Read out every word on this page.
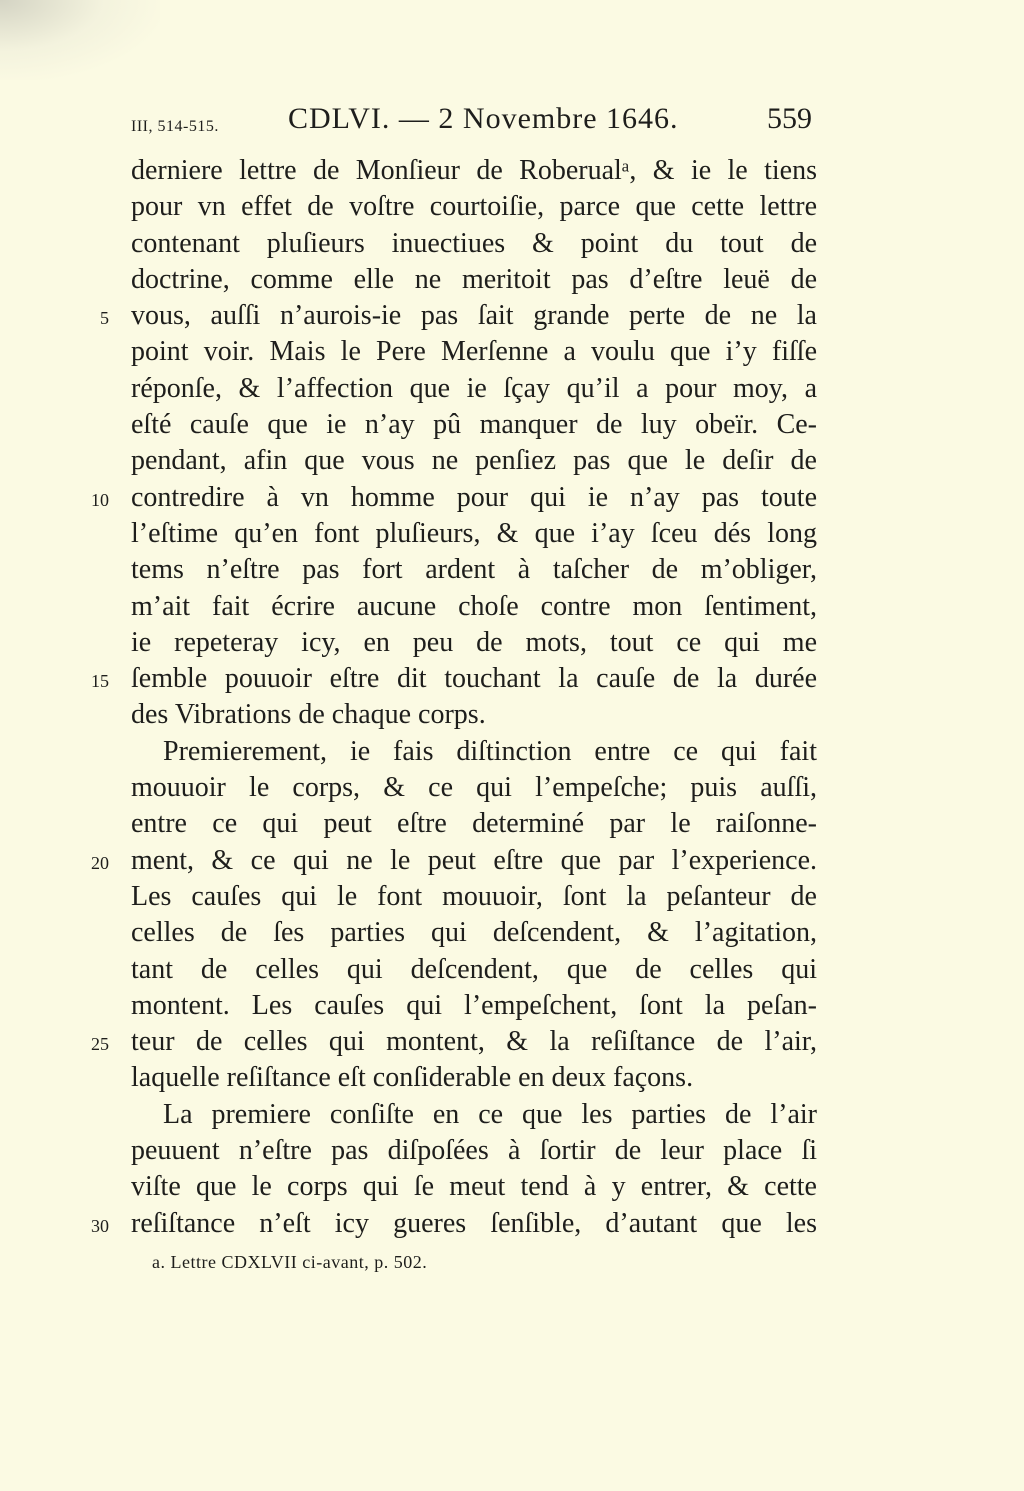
III, 514-515. CDLVI. — 2 Novembre 1646.	559
derniere lettre de Monſieur de Roberualᵃ, & ie le tiens
pour vn effet de voſtre courtoiſie, parce que cette lettre
contenant pluſieurs inuectiues & point du tout de
doctrine, comme elle ne meritoit pas d’eſtre leuë de
5 vous, auſſi n’aurois-ie pas ſait grande perte de ne la
point voir. Mais le Pere Merſenne a voulu que i’y fiſſe
réponſe, & l’affection que ie ſçay qu’il a pour moy, a
eſté cauſe que ie n’ay pû manquer de luy obeïr. Ce-
pendant, afin que vous ne penſiez pas que le deſir de
10 contredire à vn homme pour qui ie n’ay pas toute
l’eſtime qu’en font pluſieurs, & que i’ay ſceu dés long
tems n’eſtre pas fort ardent à taſcher de m’obliger,
m’ait fait écrire aucune choſe contre mon ſentiment,
ie repeteray icy, en peu de mots, tout ce qui me
15 ſemble pouuoir eſtre dit touchant la cauſe de la durée
des Vibrations de chaque corps.
Premierement, ie fais diſtinction entre ce qui fait
mouuoir le corps, & ce qui l’empeſche; puis auſſi,
entre ce qui peut eſtre determiné par le raiſonne-
20 ment, & ce qui ne le peut eſtre que par l’experience.
Les cauſes qui le font mouuoir, ſont la peſanteur de
celles de ſes parties qui deſcendent, & l’agitation,
tant de celles qui deſcendent, que de celles qui
montent. Les cauſes qui l’empeſchent, ſont la peſan-
25 teur de celles qui montent, & la reſiſtance de l’air,
laquelle reſiſtance eſt conſiderable en deux façons.
La premiere conſiſte en ce que les parties de l’air
peuuent n’eſtre pas diſpoſées à ſortir de leur place ſi
viſte que le corps qui ſe meut tend à y entrer, & cette
30 reſiſtance n’eſt icy gueres ſenſible, d’autant que les
a. Lettre CDXLVII ci-avant, p. 502.
